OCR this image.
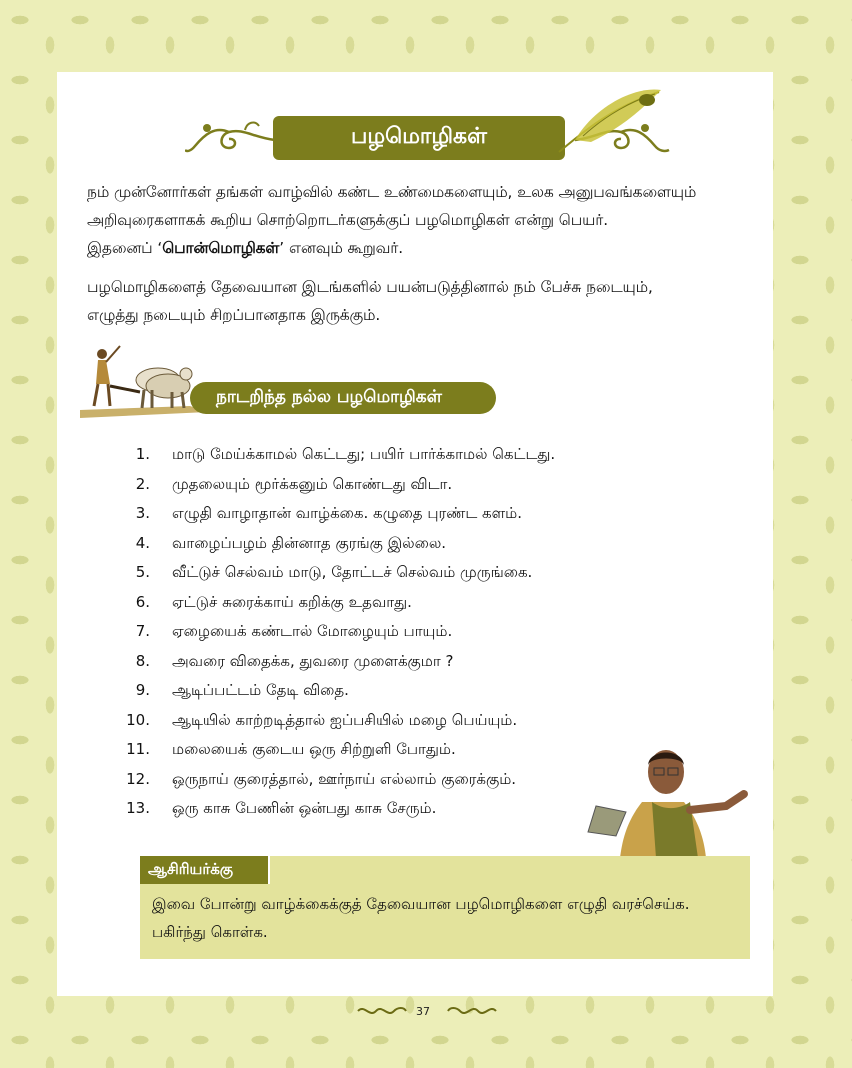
பழமொழிகள்

நம் முன்னோர்கள் தங்கள் வாழ்வில் கண்ட உண்மைகளையும், உலக அனுபவங்களையும்
அறிவுரைகளாகக் கூறிய சொற்றொடர்களுக்குப் பழமொழிகள் என்று பெயர்.
இதனைப் ‘பொன்மொழிகள்’ எனவும் கூறுவர்.

பழமொழிகளைத் தேவையான இடங்களில் பயன்படுத்தினால் நம் பேச்சு நடையும்,
எழுத்து நடையும் சிறப்பானதாக இருக்கும்.

நாடறிந்த நல்ல பழமொழிகள்
1. மாடு மேய்க்காமல் கெட்டது; பயிர் பார்க்காமல் கெட்டது.
2. முதலையும் மூர்க்கனும் கொண்டது விடா.
3. எழுதி வாழாதான் வாழ்க்கை. கழுதை புரண்ட களம்.
4. வாழைப்பழம் தின்னாத குரங்கு இல்லை.
5. வீட்டுச் செல்வம் மாடு, தோட்டச் செல்வம் முருங்கை.
6. ஏட்டுச் சுரைக்காய் கறிக்கு உதவாது.
7. ஏழையைக் கண்டால் மோழையும் பாயும்.
8. அவரை விதைக்க, துவரை முளைக்குமா ?
9. ஆடிப்பட்டம் தேடி விதை.
10. ஆடியில் காற்றடித்தால் ஐப்பசியில் மழை பெய்யும்.
11. மலையைக் குடைய ஒரு சிற்றுளி போதும்.
12. ஒருநாய் குரைத்தால், ஊர்நாய் எல்லாம் குரைக்கும்.
13. ஒரு காசு பேணின் ஒன்பது காசு சேரும்.
ஆசிரியர்க்கு

இவை போன்று வாழ்க்கைக்குத் தேவையான பழமொழிகளை எழுதி வரச்செய்க.
பகிர்ந்து கொள்க.

37
